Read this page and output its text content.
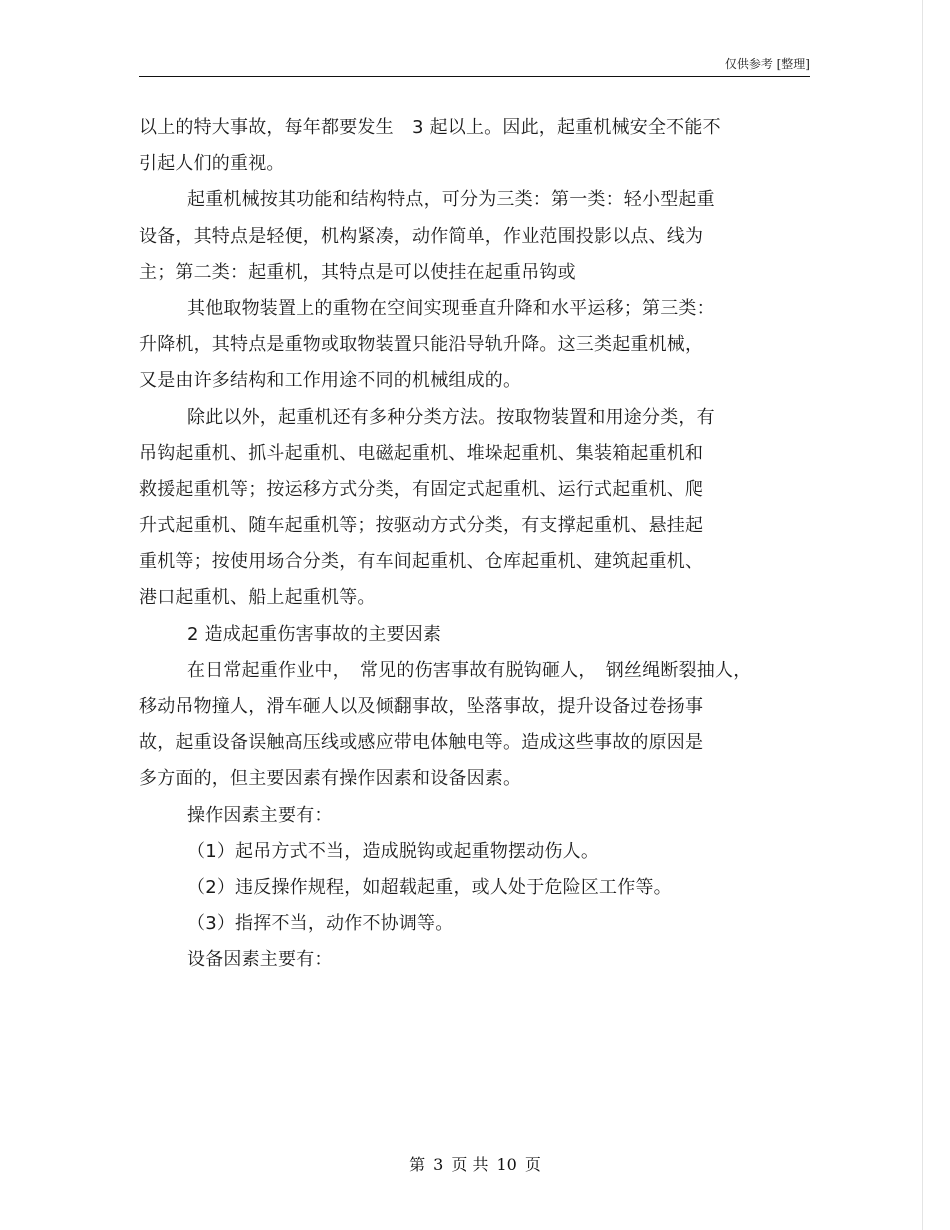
仅供参考 [整理]
以上的特大事故，每年都要发生　3 起以上。因此，起重机械安全不能不
引起人们的重视。
起重机械按其功能和结构特点，可分为三类：第一类：轻小型起重
设备，其特点是轻便，机构紧凑，动作简单，作业范围投影以点、线为
主；第二类：起重机，其特点是可以使挂在起重吊钩或
其他取物装置上的重物在空间实现垂直升降和水平运移；第三类：
升降机，其特点是重物或取物装置只能沿导轨升降。这三类起重机械，
又是由许多结构和工作用途不同的机械组成的。
除此以外，起重机还有多种分类方法。按取物装置和用途分类，有
吊钩起重机、抓斗起重机、电磁起重机、堆垛起重机、集装箱起重机和
救援起重机等；按运移方式分类，有固定式起重机、运行式起重机、爬
升式起重机、随车起重机等；按驱动方式分类，有支撑起重机、悬挂起
重机等；按使用场合分类，有车间起重机、仓库起重机、建筑起重机、
港口起重机、船上起重机等。
2 造成起重伤害事故的主要因素
在日常起重作业中，　常见的伤害事故有脱钩砸人，　钢丝绳断裂抽人，
移动吊物撞人，滑车砸人以及倾翻事故，坠落事故，提升设备过卷扬事
故，起重设备误触高压线或感应带电体触电等。造成这些事故的原因是
多方面的，但主要因素有操作因素和设备因素。
操作因素主要有：
（1）起吊方式不当，造成脱钩或起重物摆动伤人。
（2）违反操作规程，如超载起重，或人处于危险区工作等。
（3）指挥不当，动作不协调等。
设备因素主要有：
第 3 页 共 10 页
